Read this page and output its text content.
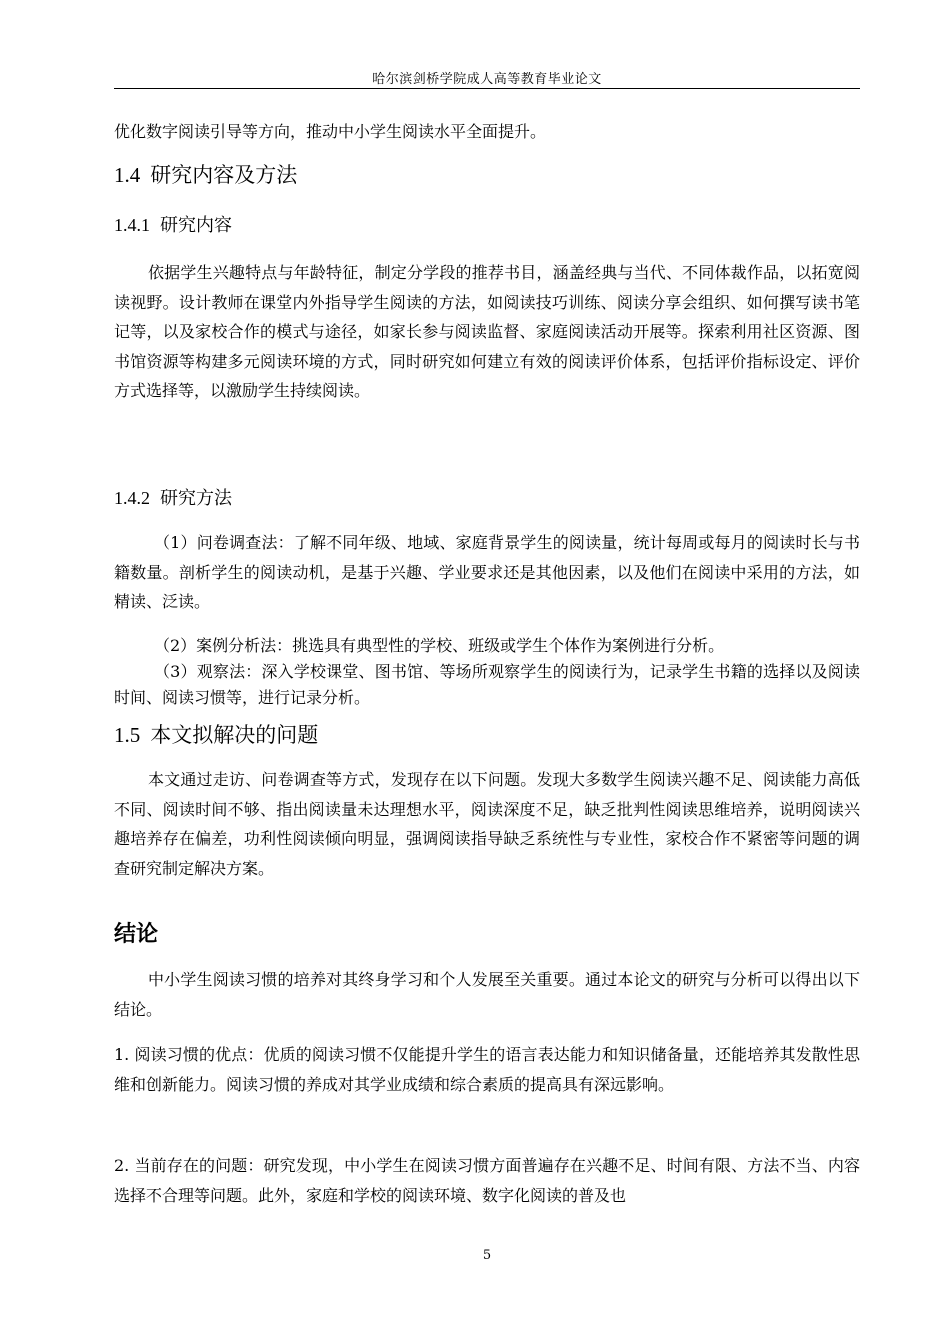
哈尔滨剑桥学院成人高等教育毕业论文

优化数字阅读引导等方向，推动中小学生阅读水平全面提升。

1.4 研究内容及方法
1.4.1 研究内容

依据学生兴趣特点与年龄特征，制定分学段的推荐书目，涵盖经典与当代、不同体裁作品，以拓宽阅读视野。设计教师在课堂内外指导学生阅读的方法，如阅读技巧训练、阅读分享会组织、如何撰写读书笔记等，以及家校合作的模式与途径，如家长参与阅读监督、家庭阅读活动开展等。探索利用社区资源、图书馆资源等构建多元阅读环境的方式，同时研究如何建立有效的阅读评价体系，包括评价指标设定、评价方式选择等，以激励学生持续阅读。

1.4.2 研究方法

（1）问卷调查法：了解不同年级、地域、家庭背景学生的阅读量，统计每周或每月的阅读时长与书籍数量。剖析学生的阅读动机，是基于兴趣、学业要求还是其他因素，以及他们在阅读中采用的方法，如精读、泛读。

（2）案例分析法：挑选具有典型性的学校、班级或学生个体作为案例进行分析。

（3）观察法：深入学校课堂、图书馆、等场所观察学生的阅读行为，记录学生书籍的选择以及阅读时间、阅读习惯等，进行记录分析。

1.5 本文拟解决的问题

本文通过走访、问卷调查等方式，发现存在以下问题。发现大多数学生阅读兴趣不足、阅读能力高低不同、阅读时间不够、指出阅读量未达理想水平，阅读深度不足，缺乏批判性阅读思维培养，说明阅读兴趣培养存在偏差，功利性阅读倾向明显，强调阅读指导缺乏系统性与专业性，家校合作不紧密等问题的调查研究制定解决方案。

结论

中小学生阅读习惯的培养对其终身学习和个人发展至关重要。通过本论文的研究与分析可以得出以下结论。

1. 阅读习惯的优点：优质的阅读习惯不仅能提升学生的语言表达能力和知识储备量，还能培养其发散性思维和创新能力。阅读习惯的养成对其学业成绩和综合素质的提高具有深远影响。

2. 当前存在的问题：研究发现，中小学生在阅读习惯方面普遍存在兴趣不足、时间有限、方法不当、内容选择不合理等问题。此外，家庭和学校的阅读环境、数字化阅读的普及也

5
